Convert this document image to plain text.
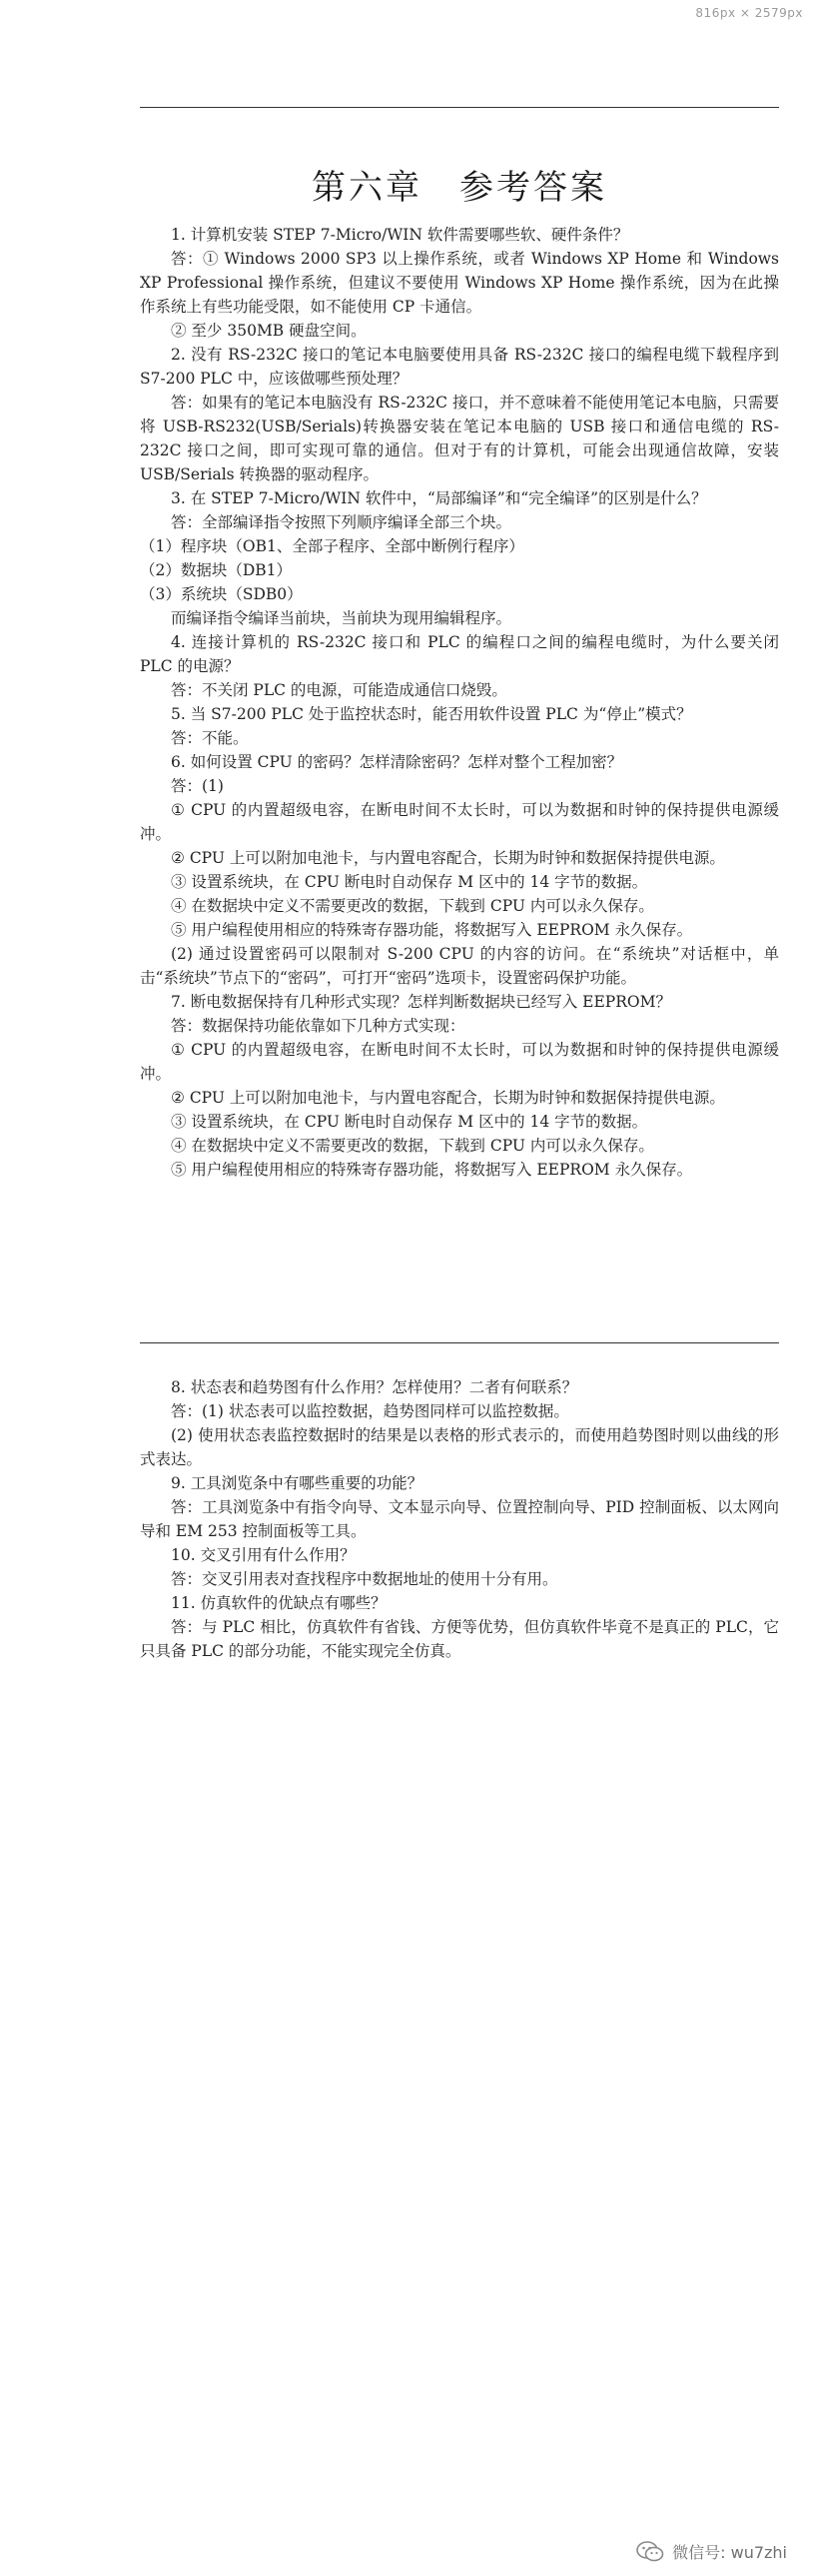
816px × 2579px
第六章　参考答案

1. 计算机安装 STEP 7-Micro/WIN 软件需要哪些软、硬件条件？

答：① Windows 2000 SP3 以上操作系统，或者 Windows XP Home 和 Windows XP Professional 操作系统，但建议不要使用 Windows XP Home 操作系统，因为在此操作系统上有些功能受限，如不能使用 CP 卡通信。

② 至少 350MB 硬盘空间。

2. 没有 RS-232C 接口的笔记本电脑要使用具备 RS-232C 接口的编程电缆下载程序到 S7-200 PLC 中，应该做哪些预处理？

答：如果有的笔记本电脑没有 RS-232C 接口，并不意味着不能使用笔记本电脑，只需要将 USB-RS232(USB/Serials)转换器安装在笔记本电脑的 USB 接口和通信电缆的 RS-232C 接口之间，即可实现可靠的通信。但对于有的计算机，可能会出现通信故障，安装 USB/Serials 转换器的驱动程序。

3. 在 STEP 7-Micro/WIN 软件中，“局部编译”和“完全编译”的区别是什么？

答：全部编译指令按照下列顺序编译全部三个块。

（1）程序块（OB1、全部子程序、全部中断例行程序）

（2）数据块（DB1）

（3）系统块（SDB0）

而编译指令编译当前块，当前块为现用编辑程序。

4. 连接计算机的 RS-232C 接口和 PLC 的编程口之间的编程电缆时，为什么要关闭 PLC 的电源？

答：不关闭 PLC 的电源，可能造成通信口烧毁。

5. 当 S7-200 PLC 处于监控状态时，能否用软件设置 PLC 为“停止”模式？

答：不能。

6. 如何设置 CPU 的密码？怎样清除密码？怎样对整个工程加密？

答：(1)

① CPU 的内置超级电容，在断电时间不太长时，可以为数据和时钟的保持提供电源缓冲。

② CPU 上可以附加电池卡，与内置电容配合，长期为时钟和数据保持提供电源。

③ 设置系统块，在 CPU 断电时自动保存 M 区中的 14 字节的数据。

④ 在数据块中定义不需要更改的数据，下载到 CPU 内可以永久保存。

⑤ 用户编程使用相应的特殊寄存器功能，将数据写入 EEPROM 永久保存。

(2) 通过设置密码可以限制对 S-200 CPU 的内容的访问。在“系统块”对话框中，单击“系统块”节点下的“密码”，可打开“密码”选项卡，设置密码保护功能。

7. 断电数据保持有几种形式实现？怎样判断数据块已经写入 EEPROM？

答：数据保持功能依靠如下几种方式实现：

① CPU 的内置超级电容，在断电时间不太长时，可以为数据和时钟的保持提供电源缓冲。

② CPU 上可以附加电池卡，与内置电容配合，长期为时钟和数据保持提供电源。

③ 设置系统块，在 CPU 断电时自动保存 M 区中的 14 字节的数据。

④ 在数据块中定义不需要更改的数据，下载到 CPU 内可以永久保存。

⑤ 用户编程使用相应的特殊寄存器功能，将数据写入 EEPROM 永久保存。

8. 状态表和趋势图有什么作用？怎样使用？二者有何联系？

答：(1) 状态表可以监控数据，趋势图同样可以监控数据。

(2) 使用状态表监控数据时的结果是以表格的形式表示的，而使用趋势图时则以曲线的形式表达。

9. 工具浏览条中有哪些重要的功能？

答：工具浏览条中有指令向导、文本显示向导、位置控制向导、PID 控制面板、以太网向导和 EM 253 控制面板等工具。

10. 交叉引用有什么作用？

答：交叉引用表对查找程序中数据地址的使用十分有用。

11. 仿真软件的优缺点有哪些？

答：与 PLC 相比，仿真软件有省钱、方便等优势，但仿真软件毕竟不是真正的 PLC，它只具备 PLC 的部分功能，不能实现完全仿真。

微信号: wu7zhi
